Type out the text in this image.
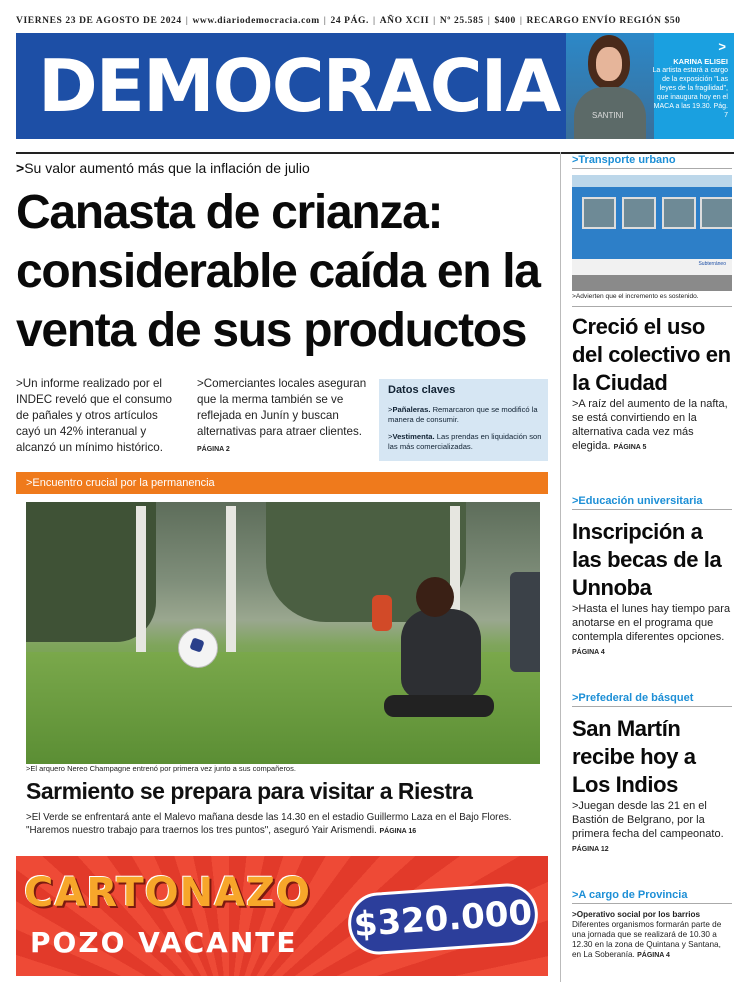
VIERNES 23 DE AGOSTO DE 2024 | www.diariodemocracia.com | 24 PÁG. | AÑO XCII | Nº 25.585 | $400 | RECARGO ENVÍO REGIÓN $50
DEMOCRACIA	SANTINI
>
KARINA ELISEI
La artista estará a cargo de la exposición "Las leyes de la fragilidad", que inaugura hoy en el MACA a las 19.30. Pág. 7
>Su valor aumentó más que la inflación de julio
Canasta de crianza: considerable caída en la venta de sus productos
>Un informe realizado por el INDEC reveló que el consumo de pañales y otros artículos cayó un 42% interanual y alcanzó un mínimo histórico.
>Comerciantes locales aseguran que la merma también se ve reflejada en Junín y buscan alternativas para atraer clientes. PÁGINA 2
Datos claves
>Pañaleras. Remarcaron que se modificó la manera de consumir.
>Vestimenta. Las prendas en liquidación son las más comercializadas.
>Encuentro crucial por la permanencia
>El arquero Nereo Champagne entrenó por primera vez junto a sus compañeros.
Sarmiento se prepara para visitar a Riestra
>El Verde se enfrentará ante el Malevo mañana desde las 14.30 en el estadio Guillermo Laza en el Bajo Flores. "Haremos nuestro trabajo para traernos los tres puntos", aseguró Yair Arismendi. PÁGINA 16
CARTONAZO
POZO VACANTE $320.000
>Transporte urbano
Subterráneo
>Advierten que el incremento es sostenido.
Creció el uso del colectivo en la Ciudad

>A raíz del aumento de la nafta, se está convirtiendo en la alternativa cada vez más elegida. PÁGINA 5

>Educación universitaria
Inscripción a las becas de la Unnoba

>Hasta el lunes hay tiempo para anotarse en el programa que contempla diferentes opciones. PÁGINA 4

>Prefederal de básquet
San Martín recibe hoy a Los Indios

>Juegan desde las 21 en el Bastión de Belgrano, por la primera fecha del campeonato. PÁGINA 12

>A cargo de Provincia

>Operativo social por los barrios
Diferentes organismos formarán parte de una jornada que se realizará de 10.30 a 12.30 en la zona de Quintana y Santana, en La Soberanía. PÁGINA 4
